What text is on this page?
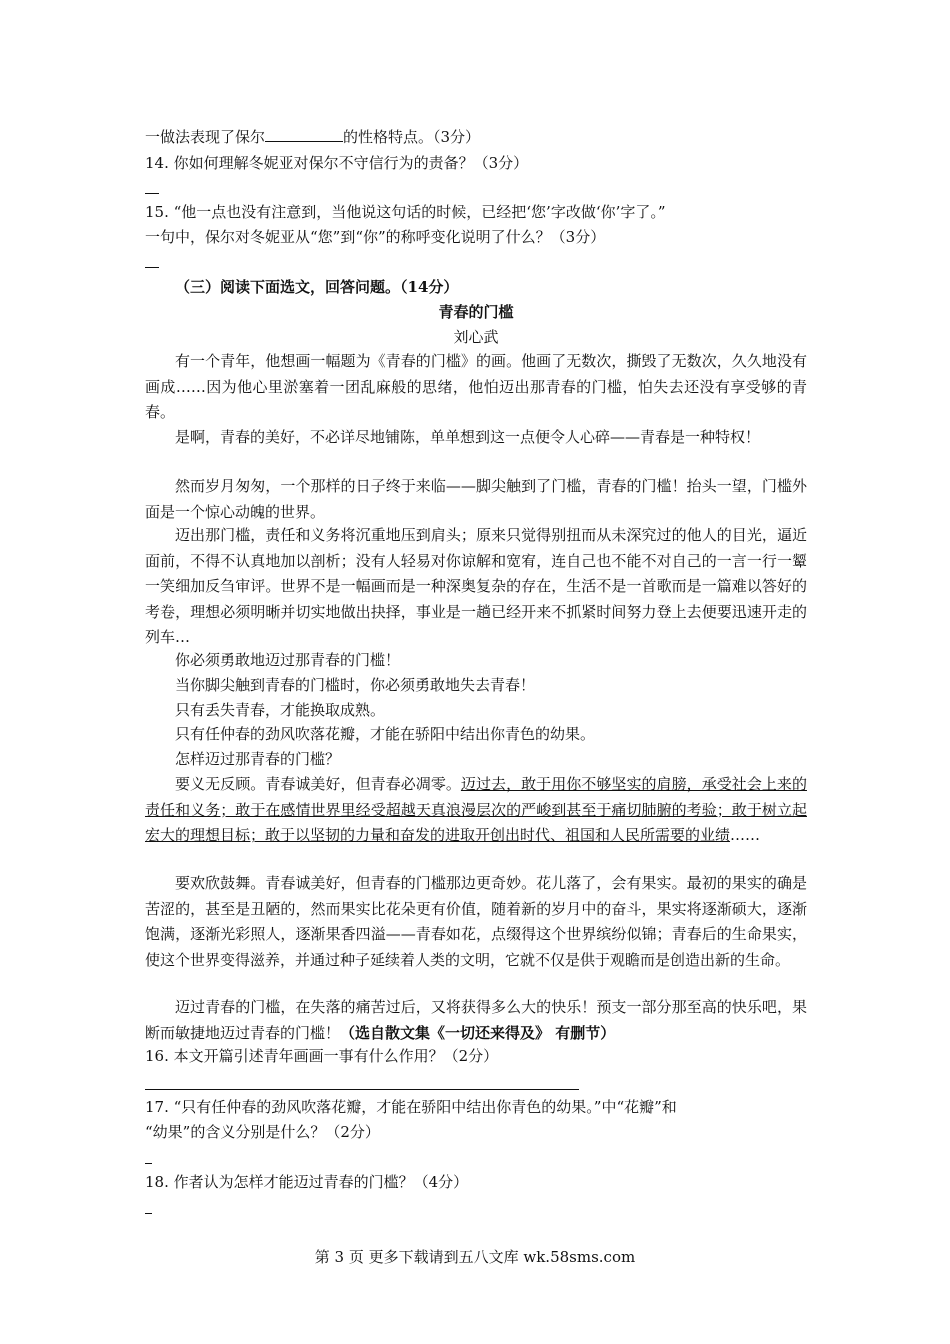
一做法表现了保尔	的性格特点。（3分）
14. 你如何理解冬妮亚对保尔不守信行为的责备？（3分）
15. “他一点也没有注意到，当他说这句话的时候，已经把‘您’字改做‘你’字了。”
一句中，保尔对冬妮亚从“您”到“你”的称呼变化说明了什么？（3分）
（三）阅读下面选文，回答问题。（14分）
青春的门槛
刘心武

有一个青年，他想画一幅题为《青春的门槛》的画。他画了无数次，撕毁了无数次，久久地没有画成……因为他心里淤塞着一团乱麻般的思绪，他怕迈出那青春的门槛，怕失去还没有享受够的青春。

是啊，青春的美好，不必详尽地铺陈，单单想到这一点便令人心碎——青春是一种特权！

然而岁月匆匆，一个那样的日子终于来临——脚尖触到了门槛，青春的门槛！抬头一望，门槛外面是一个惊心动魄的世界。

迈出那门槛，责任和义务将沉重地压到肩头；原来只觉得别扭而从未深究过的他人的目光，逼近面前，不得不认真地加以剖析；没有人轻易对你谅解和宽宥，连自己也不能不对自己的一言一行一颦一笑细加反刍审评。世界不是一幅画而是一种深奥复杂的存在，生活不是一首歌而是一篇难以答好的考卷，理想必须明晰并切实地做出抉择，事业是一趟已经开来不抓紧时间努力登上去便要迅速开走的列车…

你必须勇敢地迈过那青春的门槛！

当你脚尖触到青春的门槛时，你必须勇敢地失去青春！

只有丢失青春，才能换取成熟。

只有任仲春的劲风吹落花瓣，才能在骄阳中结出你青色的幼果。

怎样迈过那青春的门槛？

要义无反顾。青春诚美好，但青春必凋零。迈过去，敢于用你不够坚实的肩膀，承受社会上来的责任和义务；敢于在感情世界里经受超越天真浪漫层次的严峻到甚至于痛切肺腑的考验；敢于树立起宏大的理想目标；敢于以坚韧的力量和奋发的进取开创出时代、祖国和人民所需要的业绩……

要欢欣鼓舞。青春诚美好，但青春的门槛那边更奇妙。花儿落了，会有果实。最初的果实的确是苦涩的，甚至是丑陋的，然而果实比花朵更有价值，随着新的岁月中的奋斗，果实将逐渐硕大，逐渐饱满，逐渐光彩照人，逐渐果香四溢——青春如花，点缀得这个世界缤纷似锦；青春后的生命果实，使这个世界变得滋养，并通过种子延续着人类的文明，它就不仅是供于观瞻而是创造出新的生命。

迈过青春的门槛，在失落的痛苦过后，又将获得多么大的快乐！预支一部分那至高的快乐吧，果断而敏捷地迈过青春的门槛！（选自散文集《一切还来得及》 有删节）

16. 本文开篇引述青年画画一事有什么作用？（2分）
17. “只有任仲春的劲风吹落花瓣，才能在骄阳中结出你青色的幼果。”中“花瓣”和
“幼果”的含义分别是什么？（2分）
18. 作者认为怎样才能迈过青春的门槛？（4分）
第 3 页 更多下载请到五八文库 wk.58sms.com
